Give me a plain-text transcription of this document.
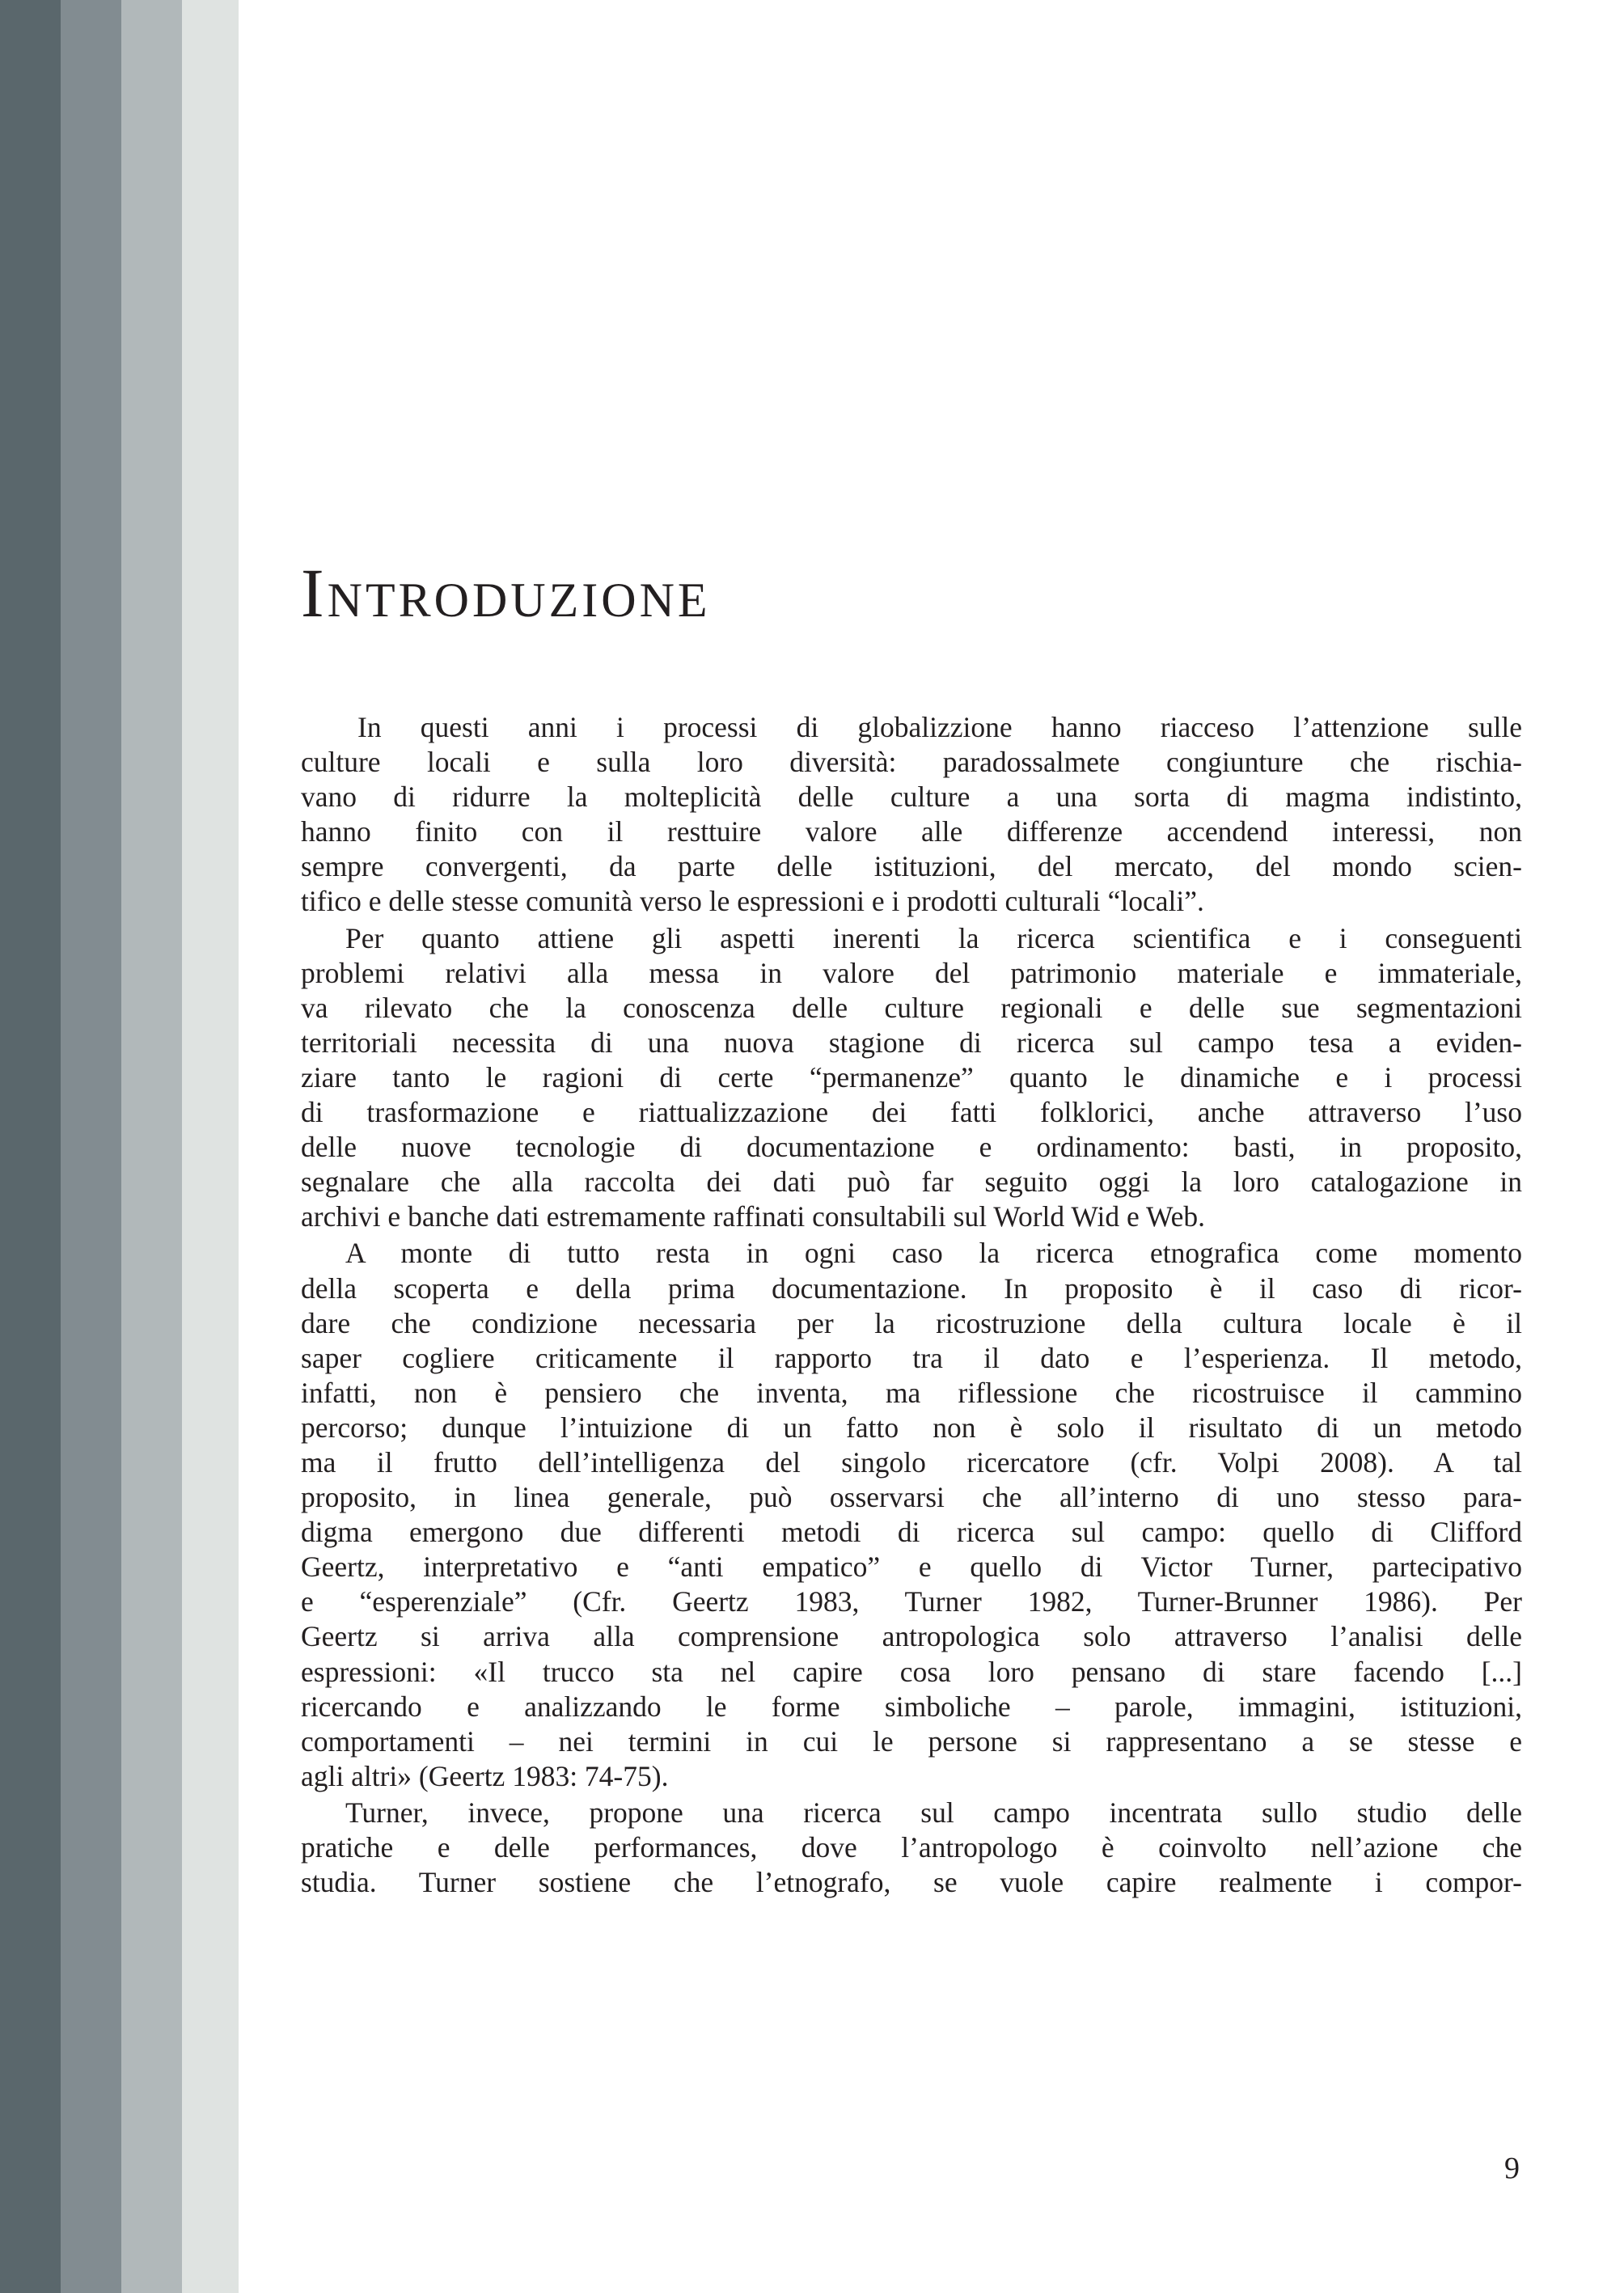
Introduzione
In questi anni i processi di globalizzione hanno riacceso l’attenzione sulle
culture locali e sulla loro diversità: paradossalmete congiunture che rischia-
vano di ridurre la molteplicità delle culture a una sorta di magma indistinto,
hanno finito con il resttuire valore alle differenze accendend interessi, non
sempre convergenti, da parte delle istituzioni, del mercato, del mondo scien-
tifico e delle stesse comunità verso le espressioni e i prodotti culturali “locali”.
Per quanto attiene gli aspetti inerenti la ricerca scientifica e i conseguenti
problemi relativi alla messa in valore del patrimonio materiale e immateriale,
va rilevato che la conoscenza delle culture regionali e delle sue segmentazioni
territoriali necessita di una nuova stagione di ricerca sul campo tesa a eviden-
ziare tanto le ragioni di certe “permanenze” quanto le dinamiche e i processi
di trasformazione e riattualizzazione dei fatti folklorici, anche attraverso l’uso
delle nuove tecnologie di documentazione e ordinamento: basti, in proposito,
segnalare che alla raccolta dei dati può far seguito oggi la loro catalogazione in
archivi e banche dati estremamente raffinati consultabili sul World Wid e Web.
A monte di tutto resta in ogni caso la ricerca etnografica come momento
della scoperta e della prima documentazione. In proposito è il caso di ricor-
dare che condizione necessaria per la ricostruzione della cultura locale è il
saper cogliere criticamente il rapporto tra il dato e l’esperienza. Il metodo,
infatti, non è pensiero che inventa, ma riflessione che ricostruisce il cammino
percorso; dunque l’intuizione di un fatto non è solo il risultato di un metodo
ma il frutto dell’intelligenza del singolo ricercatore (cfr. Volpi 2008). A tal
proposito, in linea generale, può osservarsi che all’interno di uno stesso para-
digma emergono due differenti metodi di ricerca sul campo: quello di Clifford
Geertz, interpretativo e “anti empatico” e quello di Victor Turner, partecipativo
e “esperenziale” (Cfr. Geertz 1983, Turner 1982, Turner-Brunner 1986). Per
Geertz si arriva alla comprensione antropologica solo attraverso l’analisi delle
espressioni: «Il trucco sta nel capire cosa loro pensano di stare facendo [...]
ricercando e analizzando le forme simboliche – parole, immagini, istituzioni,
comportamenti – nei termini in cui le persone si rappresentano a se stesse e
agli altri» (Geertz 1983: 74-75).
Turner, invece, propone una ricerca sul campo incentrata sullo studio delle
pratiche e delle performances, dove l’antropologo è coinvolto nell’azione che
studia. Turner sostiene che l’etnografo, se vuole capire realmente i compor-
9
